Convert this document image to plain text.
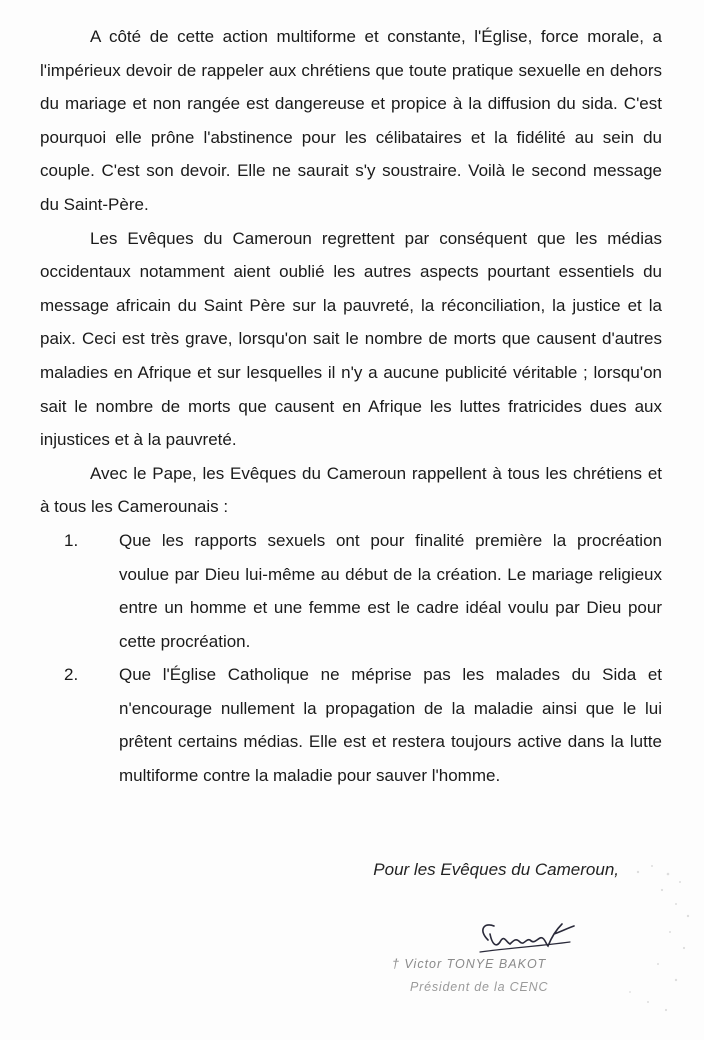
A côté de cette action multiforme et constante, l'Église, force morale, a l'impérieux devoir de rappeler aux chrétiens que toute pratique sexuelle en dehors du mariage et non rangée est dangereuse et propice à la diffusion du sida. C'est pourquoi elle prône l'abstinence pour les célibataires et la fidélité au sein du couple. C'est son devoir. Elle ne saurait s'y soustraire. Voilà le second message du Saint-Père.

Les Evêques du Cameroun regrettent par conséquent que les médias occidentaux notamment aient oublié les autres aspects pourtant essentiels du message africain du Saint Père sur la pauvreté, la réconciliation, la justice et la paix. Ceci est très grave, lorsqu'on sait le nombre de morts que causent d'autres maladies en Afrique et sur lesquelles il n'y a aucune publicité véritable ; lorsqu'on sait le nombre de morts que causent en Afrique les luttes fratricides dues aux injustices et à la pauvreté.

Avec le Pape, les Evêques du Cameroun rappellent à tous les chrétiens et à tous les Camerounais :

1. Que les rapports sexuels ont pour finalité première la procréation voulue par Dieu lui-même au début de la création. Le mariage religieux entre un homme et une femme est le cadre idéal voulu par Dieu pour cette procréation.
2. Que l'Église Catholique ne méprise pas les malades du Sida et n'encourage nullement la propagation de la maladie ainsi que le lui prêtent certains médias. Elle est et restera toujours active dans la lutte multiforme contre la maladie pour sauver l'homme.
Pour les Evêques du Cameroun,
† Victor TONYE BAKOT
Président de la CENC
